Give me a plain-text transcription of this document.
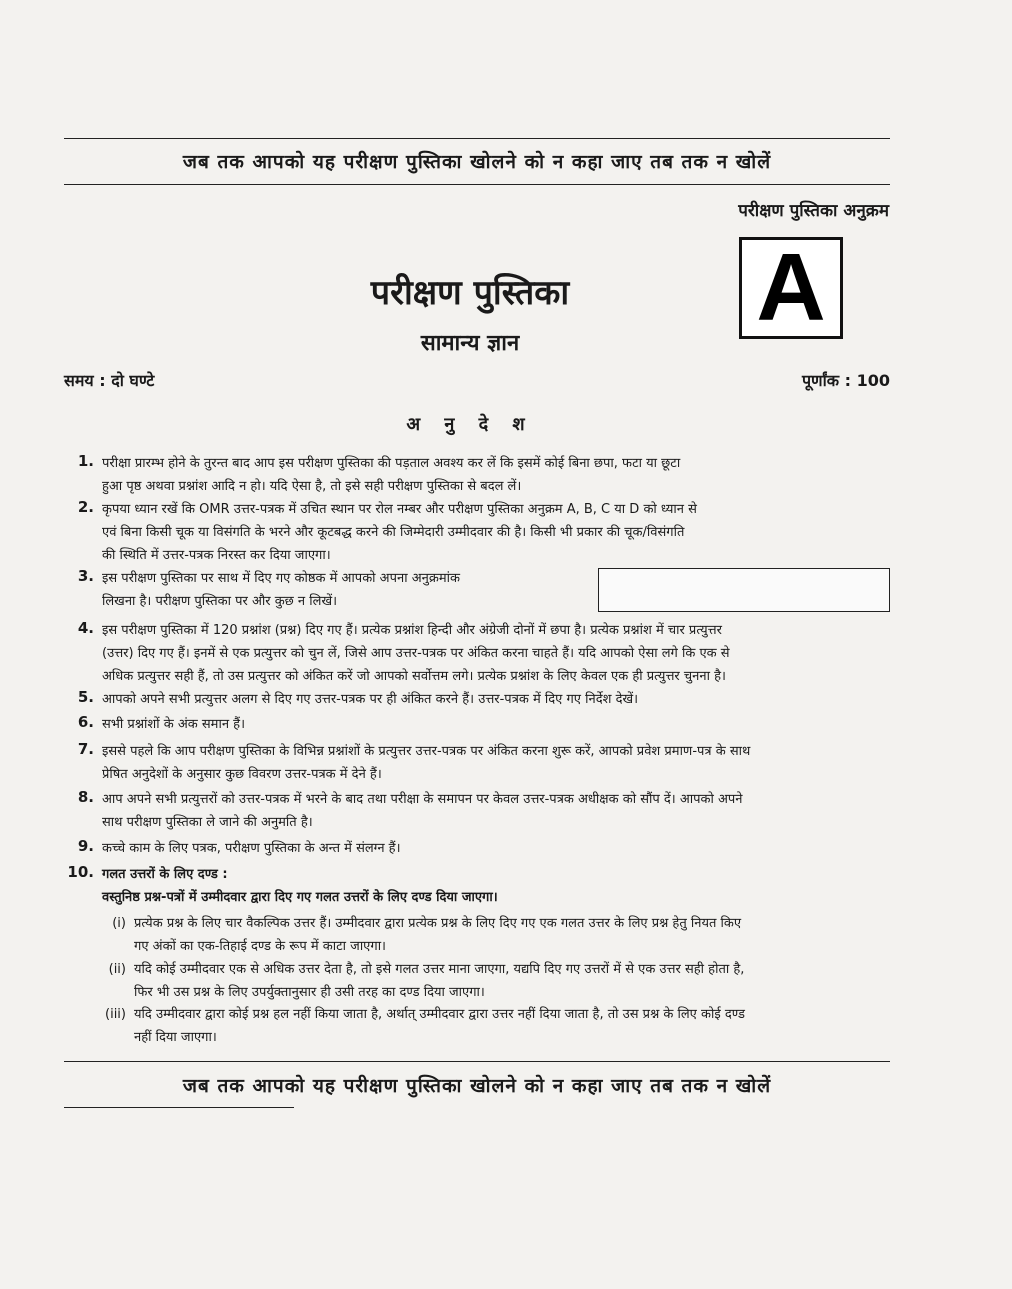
जब तक आपको यह परीक्षण पुस्तिका खोलने को न कहा जाए तब तक न खोलें
परीक्षण पुस्तिका अनुक्रम
A
परीक्षण पुस्तिका
सामान्य ज्ञान
समय : दो घण्टे	पूर्णांक : 100
अ नु दे श
1. परीक्षा प्रारम्भ होने के तुरन्त बाद आप इस परीक्षण पुस्तिका की पड़ताल अवश्य कर लें कि इसमें कोई बिना छपा, फटा या छूटा
हुआ पृष्ठ अथवा प्रश्नांश आदि न हो। यदि ऐसा है, तो इसे सही परीक्षण पुस्तिका से बदल लें।
2. कृपया ध्यान रखें कि OMR उत्तर-पत्रक में उचित स्थान पर रोल नम्बर और परीक्षण पुस्तिका अनुक्रम A, B, C या D को ध्यान से
एवं बिना किसी चूक या विसंगति के भरने और कूटबद्ध करने की जिम्मेदारी उम्मीदवार की है। किसी भी प्रकार की चूक/विसंगति
की स्थिति में उत्तर-पत्रक निरस्त कर दिया जाएगा।
3. इस परीक्षण पुस्तिका पर साथ में दिए गए कोष्ठक में आपको अपना अनुक्रमांक
लिखना है। परीक्षण पुस्तिका पर और कुछ न लिखें।
4. इस परीक्षण पुस्तिका में 120 प्रश्नांश (प्रश्न) दिए गए हैं। प्रत्येक प्रश्नांश हिन्दी और अंग्रेजी दोनों में छपा है। प्रत्येक प्रश्नांश में चार प्रत्युत्तर
(उत्तर) दिए गए हैं। इनमें से एक प्रत्युत्तर को चुन लें, जिसे आप उत्तर-पत्रक पर अंकित करना चाहते हैं। यदि आपको ऐसा लगे कि एक से
अधिक प्रत्युत्तर सही हैं, तो उस प्रत्युत्तर को अंकित करें जो आपको सर्वोत्तम लगे। प्रत्येक प्रश्नांश के लिए केवल एक ही प्रत्युत्तर चुनना है।
5. आपको अपने सभी प्रत्युत्तर अलग से दिए गए उत्तर-पत्रक पर ही अंकित करने हैं। उत्तर-पत्रक में दिए गए निर्देश देखें।
6. सभी प्रश्नांशों के अंक समान हैं।
7. इससे पहले कि आप परीक्षण पुस्तिका के विभिन्न प्रश्नांशों के प्रत्युत्तर उत्तर-पत्रक पर अंकित करना शुरू करें, आपको प्रवेश प्रमाण-पत्र के साथ
प्रेषित अनुदेशों के अनुसार कुछ विवरण उत्तर-पत्रक में देने हैं।
8. आप अपने सभी प्रत्युत्तरों को उत्तर-पत्रक में भरने के बाद तथा परीक्षा के समापन पर केवल उत्तर-पत्रक अधीक्षक को सौंप दें। आपको अपने
साथ परीक्षण पुस्तिका ले जाने की अनुमति है।
9. कच्चे काम के लिए पत्रक, परीक्षण पुस्तिका के अन्त में संलग्न हैं।
10. गलत उत्तरों के लिए दण्ड :
वस्तुनिष्ठ प्रश्न-पत्रों में उम्मीदवार द्वारा दिए गए गलत उत्तरों के लिए दण्ड दिया जाएगा।
(i) प्रत्येक प्रश्न के लिए चार वैकल्पिक उत्तर हैं। उम्मीदवार द्वारा प्रत्येक प्रश्न के लिए दिए गए एक गलत उत्तर के लिए प्रश्न हेतु नियत किए
गए अंकों का एक-तिहाई दण्ड के रूप में काटा जाएगा।
(ii) यदि कोई उम्मीदवार एक से अधिक उत्तर देता है, तो इसे गलत उत्तर माना जाएगा, यद्यपि दिए गए उत्तरों में से एक उत्तर सही होता है,
फिर भी उस प्रश्न के लिए उपर्युक्तानुसार ही उसी तरह का दण्ड दिया जाएगा।
(iii) यदि उम्मीदवार द्वारा कोई प्रश्न हल नहीं किया जाता है, अर्थात् उम्मीदवार द्वारा उत्तर नहीं दिया जाता है, तो उस प्रश्न के लिए कोई दण्ड
नहीं दिया जाएगा।
जब तक आपको यह परीक्षण पुस्तिका खोलने को न कहा जाए तब तक न खोलें
